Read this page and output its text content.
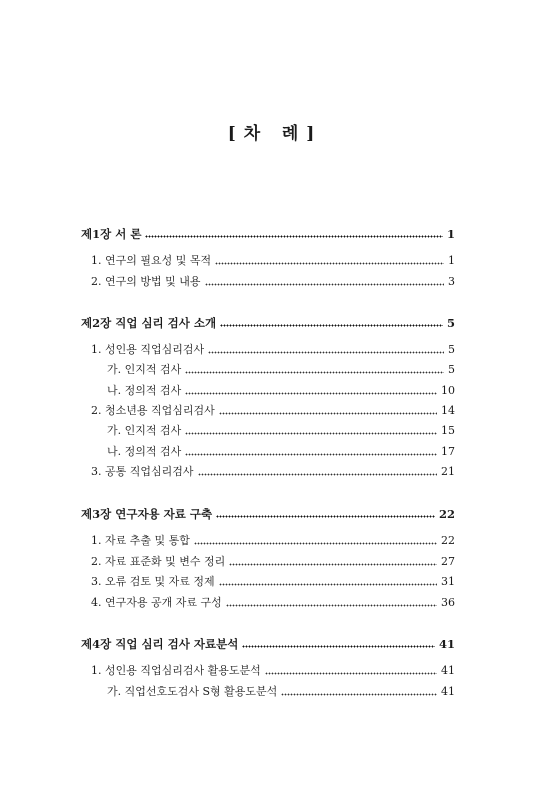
[ 차   례 ]
제1장 서 론	1
1. 연구의 필요성 및 목적	1
2. 연구의 방법 및 내용	3
제2장 직업 심리 검사 소개	5
1. 성인용 직업심리검사	5
가. 인지적 검사	5
나. 정의적 검사	10
2. 청소년용 직업심리검사	14
가. 인지적 검사	15
나. 정의적 검사	17
3. 공통 직업심리검사	21
제3장 연구자용 자료 구축	22
1. 자료 추출 및 통합	22
2. 자료 표준화 및 변수 정리	27
3. 오류 검토 및 자료 정제	31
4. 연구자용 공개 자료 구성	36
제4장 직업 심리 검사 자료분석	41
1. 성인용 직업심리검사 활용도분석	41
가. 직업선호도검사 S형 활용도분석	41
